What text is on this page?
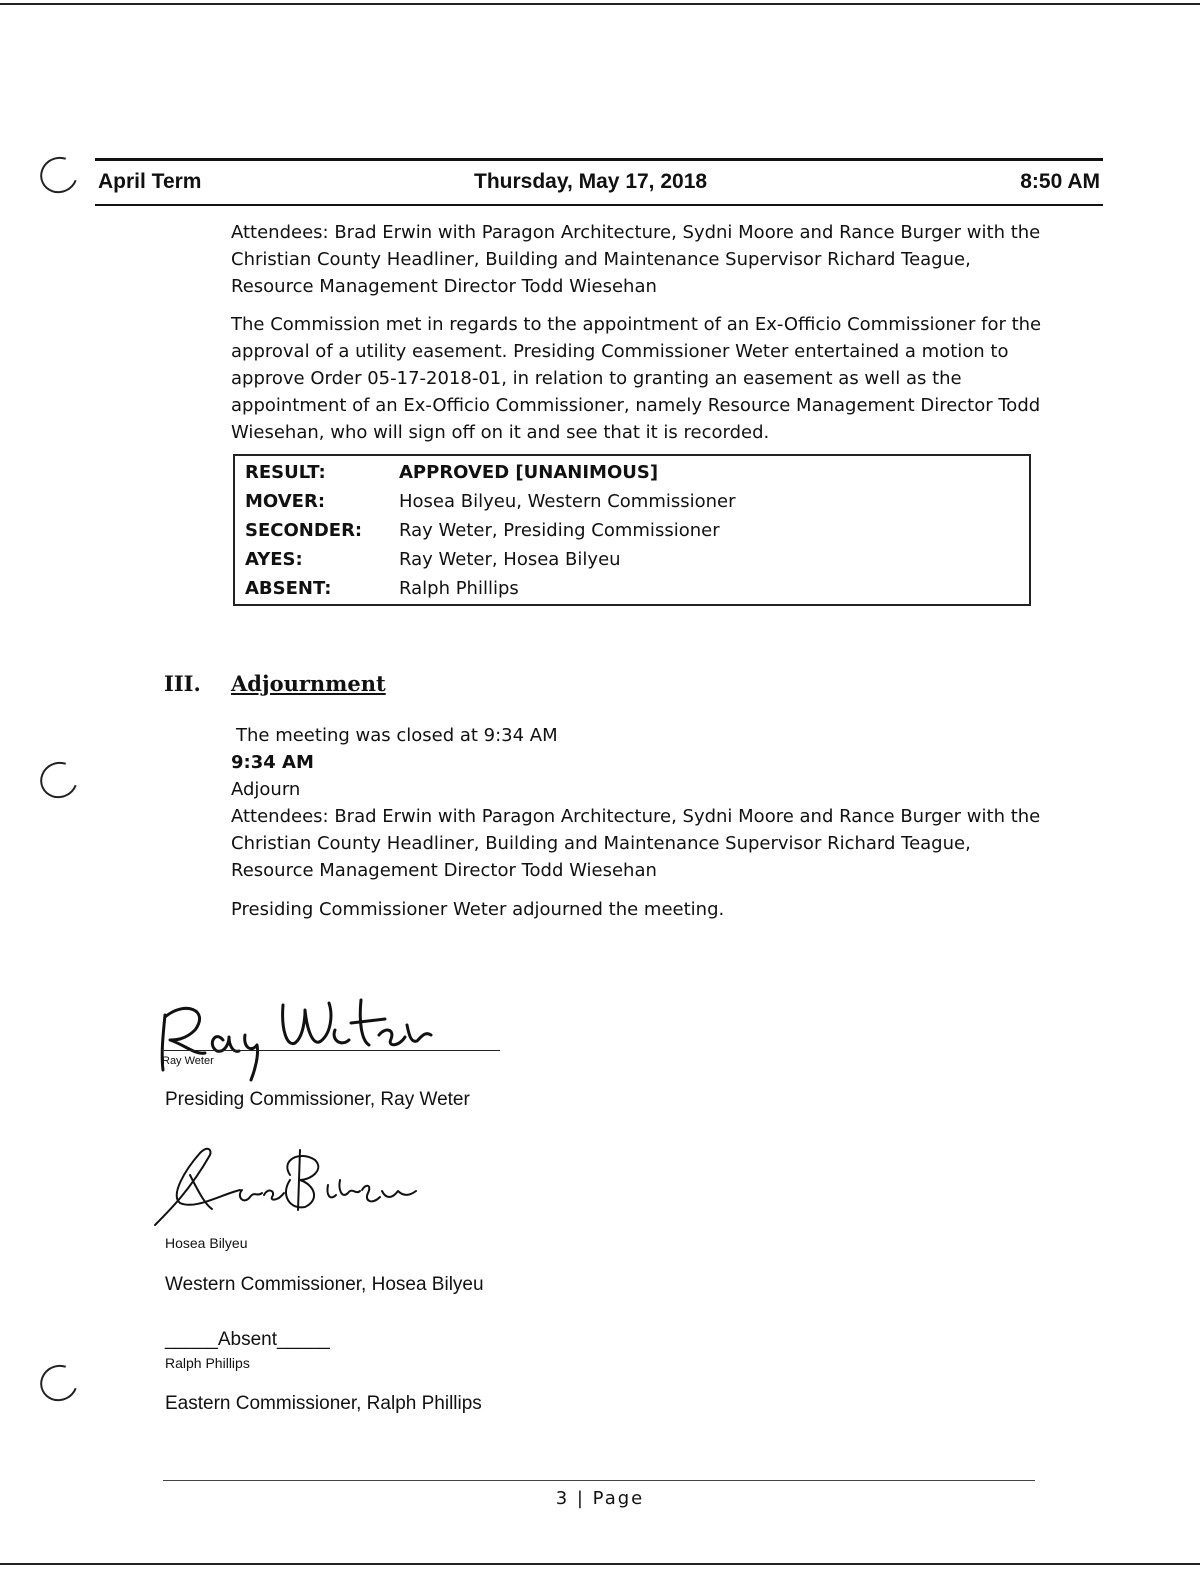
April Term	Thursday, May 17, 2018	8:50 AM
Attendees: Brad Erwin with Paragon Architecture, Sydni Moore and Rance Burger with the Christian County Headliner, Building and Maintenance Supervisor Richard Teague, Resource Management Director Todd Wiesehan
The Commission met in regards to the appointment of an Ex-Officio Commissioner for the approval of a utility easement. Presiding Commissioner Weter entertained a motion to approve Order 05-17-2018-01, in relation to granting an easement as well as the appointment of an Ex-Officio Commissioner, namely Resource Management Director Todd Wiesehan, who will sign off on it and see that it is recorded.
RESULT:	APPROVED [UNANIMOUS]
MOVER:	Hosea Bilyeu, Western Commissioner
SECONDER: Ray Weter, Presiding Commissioner
AYES:	Ray Weter, Hosea Bilyeu
ABSENT:	Ralph Phillips
III. Adjournment
The meeting was closed at 9:34 AM
9:34 AM
Adjourn
Attendees: Brad Erwin with Paragon Architecture, Sydni Moore and Rance Burger with the Christian County Headliner, Building and Maintenance Supervisor Richard Teague, Resource Management Director Todd Wiesehan
Presiding Commissioner Weter adjourned the meeting.
Ray Weter
Presiding Commissioner, Ray Weter
Hosea Bilyeu
Western Commissioner, Hosea Bilyeu
_____Absent_____
Ralph Phillips
Eastern Commissioner, Ralph Phillips
3 | Page
